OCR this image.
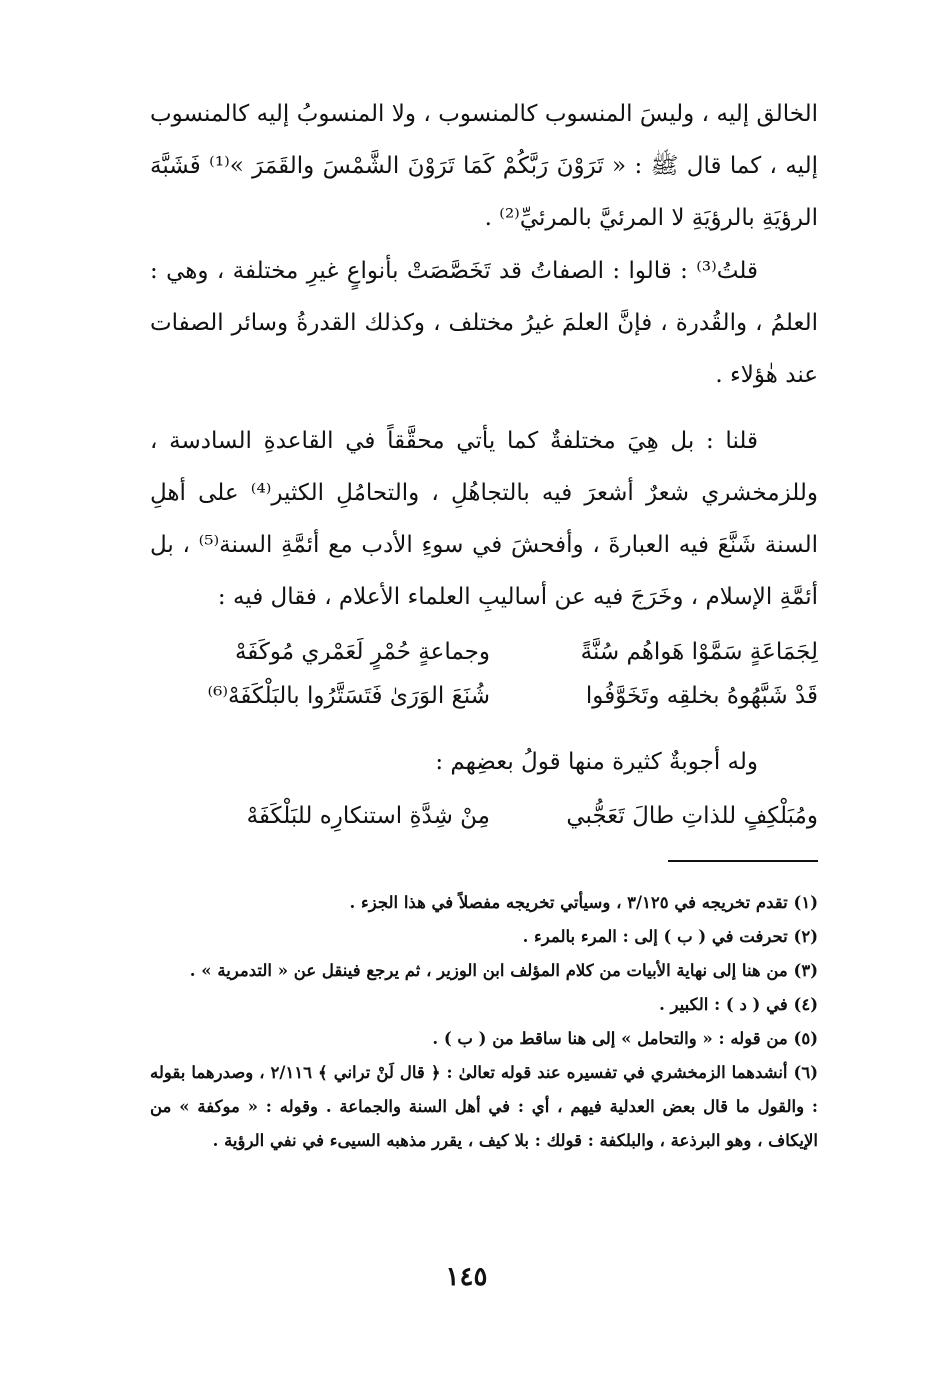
الخالق إليه ، وليسَ المنسوب كالمنسوب ، ولا المنسوبُ إليه كالمنسوب إليه ، كما قال ﷺ : « تَرَوْنَ رَبَّكُمْ كَمَا تَرَوْنَ الشَّمْسَ والقَمَرَ »⁽¹⁾ فَشَبَّهَ الرؤيَةِ بالرؤيَةِ لا المرئيَّ بالمرئيِّ⁽²⁾ .

قلتُ⁽³⁾ : قالوا : الصفاتُ قد تَخَصَّصَتْ بأنواعٍ غيرِ مختلفة ، وهي : العلمُ ، والقُدرة ، فإنَّ العلمَ غيرُ مختلف ، وكذلك القدرةُ وسائر الصفات عند هٰؤلاء .

قلنا : بل هِيَ مختلفةٌ كما يأتي محقَّقاً في القاعدةِ السادسة ، وللزمخشري شعرٌ أشعرَ فيه بالتجاهُلِ ، والتحامُلِ الكثير⁽⁴⁾ على أهلِ السنة شَنَّعَ فيه العبارةَ ، وأفحشَ في سوءِ الأدب مع أئمَّةِ السنة⁽⁵⁾ ، بل أئمَّةِ الإسلام ، وخَرَجَ فيه عن أساليبِ العلماء الأعلام ، فقال فيه :

لِجَمَاعَةٍ سَمَّوْا هَواهُم سُنَّةً
وجماعةٍ حُمْرٍ لَعَمْري مُوكَفَهْ
قَدْ شَبَّهُوهُ بخلقِه وتَخَوَّفُوا
شُنَعَ الوَرَىٰ فَتَسَتَّرُوا بالبَلْكَفَهْ⁽⁶⁾
وله أجوبةٌ كثيرة منها قولُ بعضِهم :
ومُبَلْكِفٍ للذاتِ طالَ تَعَجُّبي
مِنْ شِدَّةِ استنكارِه للبَلْكَفَهْ

(١) تقدم تخريجه في ٣/١٢٥ ، وسيأتي تخريجه مفصلاً في هذا الجزء .

(٢) تحرفت في ( ب ) إلى : المرء بالمرء .

(٣) من هنا إلى نهاية الأبيات من كلام المؤلف ابن الوزير ، ثم يرجع فينقل عن « التدمرية » .

(٤) في ( د ) : الكبير .

(٥) من قوله : « والتحامل » إلى هنا ساقط من ( ب ) .

(٦) أنشدهما الزمخشري في تفسيره عند قوله تعالىٰ : ﴿ قال لَنْ تراني ﴾ ٢/١١٦ ، وصدرهما بقوله : والقول ما قال بعض العدلية فيهم ، أي : في أهل السنة والجماعة . وقوله : « موكفة » من الإيكاف ، وهو البرذعة ، والبلكفة : قولك : بلا كيف ، يقرر مذهبه السيىء في نفي الرؤية .

١٤٥
